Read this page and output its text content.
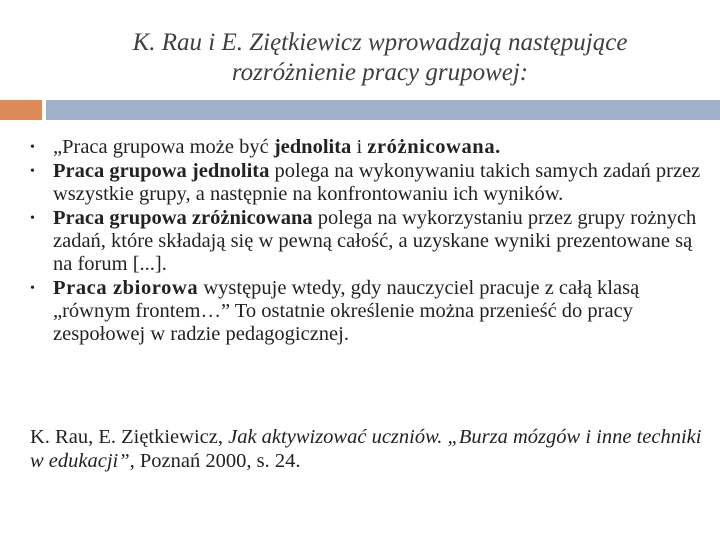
K. Rau i E. Ziętkiewicz wprowadzają następujące
rozróżnienie pracy grupowej:
• „Praca grupowa może być jednolita i zróżnicowana.
• Praca grupowa jednolita polega na wykonywaniu takich samych zadań przez wszystkie grupy, a następnie na konfrontowaniu ich wyników.
• Praca grupowa zróżnicowana polega na wykorzystaniu przez grupy rożnych zadań, które składają się w pewną całość, a uzyskane wyniki prezentowane są na forum [...].
• Praca zbiorowa występuje wtedy, gdy nauczyciel pracuje z całą klasą „równym frontem…” To ostatnie określenie można przenieść do pracy zespołowej w radzie pedagogicznej.
K. Rau, E. Ziętkiewicz, Jak aktywizować uczniów. „Burza mózgów i inne techniki w edukacji”, Poznań 2000, s. 24.
